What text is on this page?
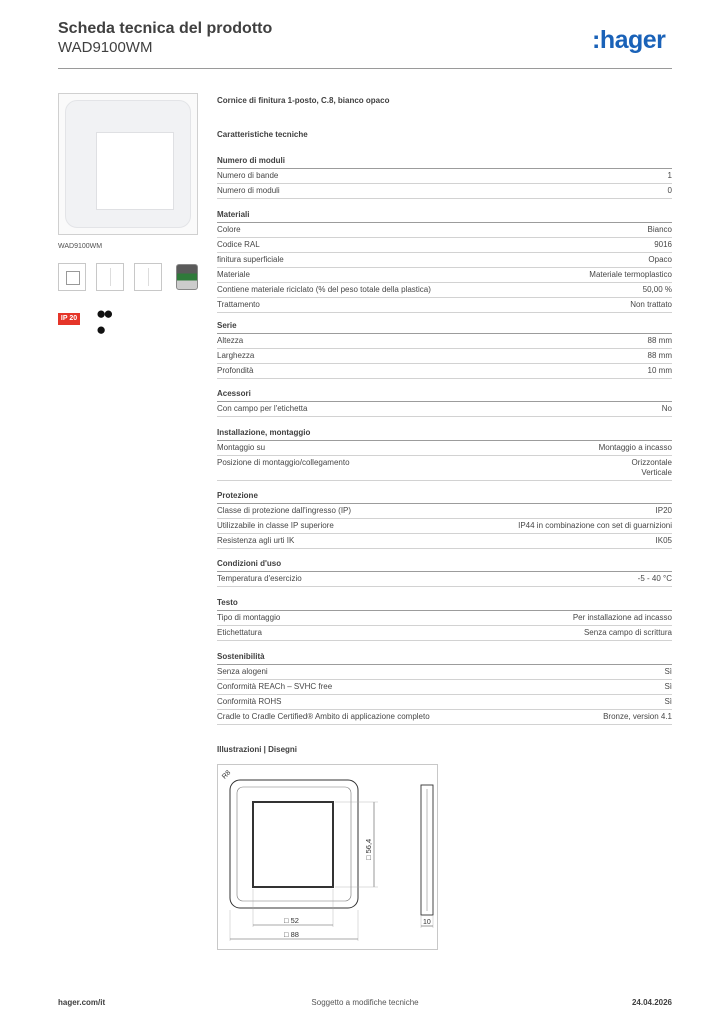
Scheda tecnica del prodotto
WAD9100WM	:hager
WAD9100WM
IP 20 ●●
●
Cornice di finitura 1-posto, C.8, bianco opaco
Caratteristiche tecniche
Numero di moduli
Numero di bande	1
Numero di moduli	0
Materiali
Colore	Bianco
Codice RAL	9016
finitura superficiale	Opaco
Materiale	Materiale termoplastico
Contiene materiale riciclato (% del peso totale della plastica)	50,00 %
Trattamento	Non trattato
Serie
Altezza	88 mm
Larghezza	88 mm
Profondità	10 mm
Acessori
Con campo per l'etichetta	No
Installazione, montaggio
Montaggio su	Montaggio a incasso
Posizione di montaggio/collegamento	Orizzontale
Verticale
Protezione
Classe di protezione dall'ingresso (IP)	IP20
Utilizzabile in classe IP superiore	IP44 in combinazione con set di guarnizioni
Resistenza agli urti IK	IK05
Condizioni d'uso
Temperatura d'esercizio	-5 - 40 °C
Testo
Tipo di montaggio	Per installazione ad incasso
Etichettatura	Senza campo di scrittura
Sostenibilità
Senza alogeni	Sì
Conformità REACh – SVHC free	Sì
Conformità ROHS	Sì
Cradle to Cradle Certified® Ambito di applicazione completo	Bronze, version 4.1
Illustrazioni | Disegni
R8
□ 56,4
□ 52
□ 88
10
hager.com/it	Soggetto a modifiche tecniche	24.04.2026
